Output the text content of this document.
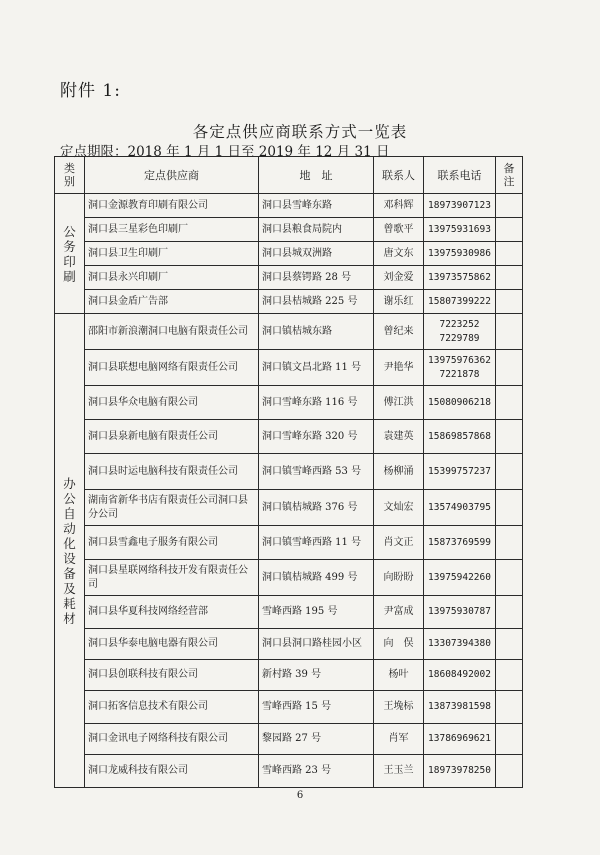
附件 1:
各定点供应商联系方式一览表
定点期限：2018 年 1 月 1 日至 2019 年 12 月 31 日
类别	定点供应商	地　址	联系人	联系电话	备注

公务印刷	洞口金源教育印刷有限公司	洞口县雪峰东路	邓科辉	18973907123	
	洞口县三星彩色印刷厂	洞口县粮食局院内	曾歌平	13975931693	
	洞口县卫生印刷厂	洞口县城双洲路	唐文东	13975930986	
	洞口县永兴印刷厂	洞口县蔡锷路 28 号	刘金爱	13973575862	
	洞口县金盾广告部	洞口县桔城路 225 号	谢乐红	15807399222	

办公自动化设备及耗材	邵阳市新浪潮洞口电脑有限责任公司	洞口镇桔城东路	曾纪来	7223252
7229789	
	洞口县联想电脑网络有限责任公司	洞口镇文昌北路 11 号	尹艳华	13975976362
7221878	
	洞口县华众电脑有限公司	洞口雪峰东路 116 号	傅江洪	15080906218	
	洞口县泉新电脑有限责任公司	洞口雪峰东路 320 号	袁建英	15869857868	
	洞口县时运电脑科技有限责任公司	洞口镇雪峰西路 53 号	杨柳涌	15399757237	
	湖南省新华书店有限责任公司洞口县分公司	洞口镇桔城路 376 号	文灿宏	13574903795	
	洞口县雪鑫电子服务有限公司	洞口镇雪峰西路 11 号	肖文正	15873769599	
	洞口县星联网络科技开发有限责任公司	洞口镇桔城路 499 号	向盼盼	13975942260	
	洞口县华夏科技网络经营部	雪峰西路 195 号	尹富成	13975930787	
	洞口县华泰电脑电器有限公司	洞口县洞口路桂园小区	向　俣	13307394380	
	洞口县创联科技有限公司	新村路 39 号	杨叶	18608492002	
	洞口拓客信息技术有限公司	雪峰西路 15 号	王堍标	13873981598	
	洞口金讯电子网络科技有限公司	黎园路 27 号	肖军	13786969621	
	洞口龙威科技有限公司	雪峰西路 23 号	王玉兰	18973978250	
6
